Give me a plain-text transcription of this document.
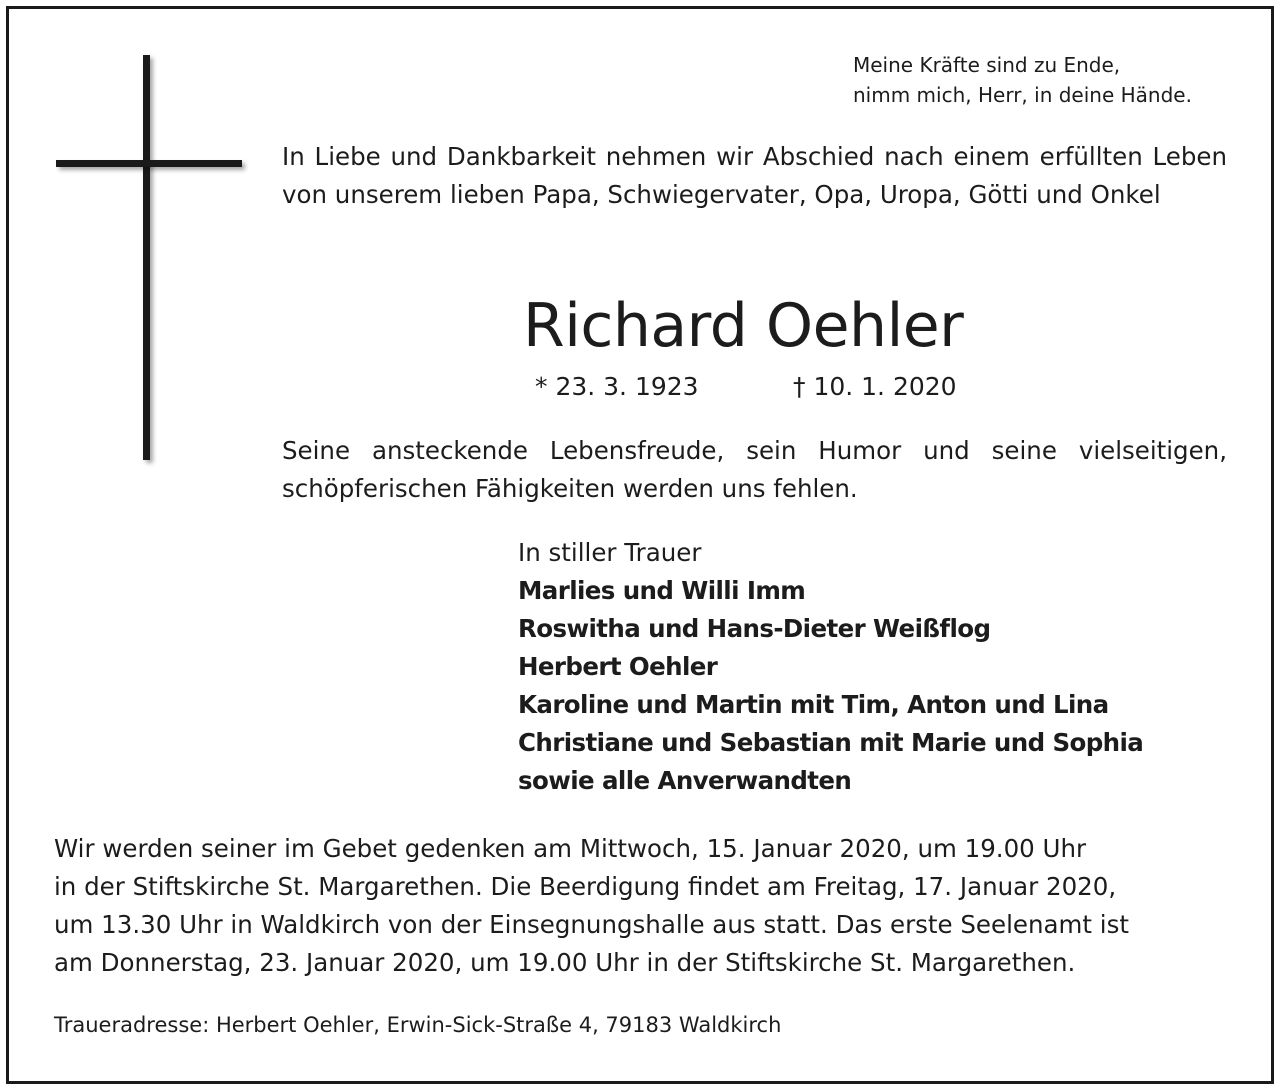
Meine Kräfte sind zu Ende,
nimm mich, Herr, in deine Hände.
In Liebe und Dankbarkeit nehmen wir Abschied nach einem erfüllten Leben von unserem lieben Papa, Schwiegervater, Opa, Uropa, Götti und Onkel
Richard Oehler
* 23. 3. 1923	† 10. 1. 2020
Seine ansteckende Lebensfreude, sein Humor und seine vielseitigen, schöpferischen Fähigkeiten werden uns fehlen.
In stiller Trauer
Marlies und Willi Imm
Roswitha und Hans-Dieter Weißflog
Herbert Oehler
Karoline und Martin mit Tim, Anton und Lina
Christiane und Sebastian mit Marie und Sophia
sowie alle Anverwandten
Wir werden seiner im Gebet gedenken am Mittwoch, 15. Januar 2020, um 19.00 Uhr
in der Stiftskirche St. Margarethen. Die Beerdigung findet am Freitag, 17. Januar 2020,
um 13.30 Uhr in Waldkirch von der Einsegnungshalle aus statt. Das erste Seelenamt ist
am Donnerstag, 23. Januar 2020, um 19.00 Uhr in der Stiftskirche St. Margarethen.
Traueradresse: Herbert Oehler, Erwin-Sick-Straße 4, 79183 Waldkirch
